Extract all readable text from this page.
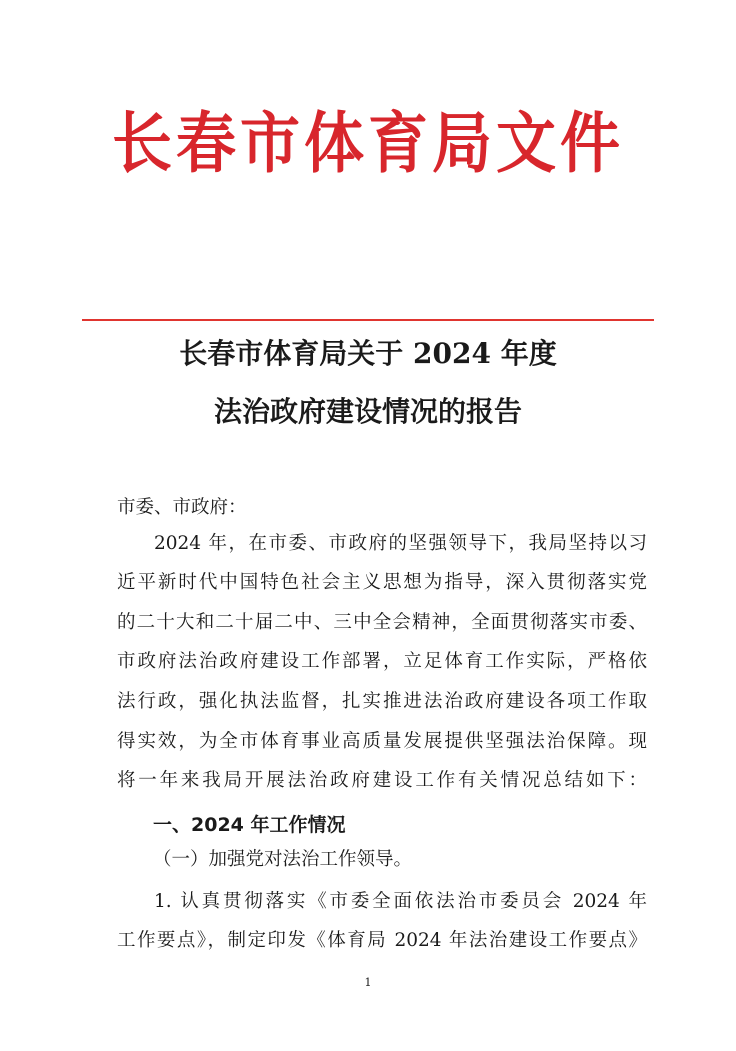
长春市体育局文件
长春市体育局关于 2024 年度
法治政府建设情况的报告
市委、市政府：
2024 年，在市委、市政府的坚强领导下，我局坚持以习
近平新时代中国特色社会主义思想为指导，深入贯彻落实党
的二十大和二十届二中、三中全会精神，全面贯彻落实市委、
市政府法治政府建设工作部署，立足体育工作实际，严格依
法行政，强化执法监督，扎实推进法治政府建设各项工作取
得实效，为全市体育事业高质量发展提供坚强法治保障。现
将一年来我局开展法治政府建设工作有关情况总结如下：
一、2024 年工作情况
（一）加强党对法治工作领导。
1. 认真贯彻落实《市委全面依法治市委员会 2024 年
工作要点》，制定印发《体育局 2024 年法治建设工作要点》
1
